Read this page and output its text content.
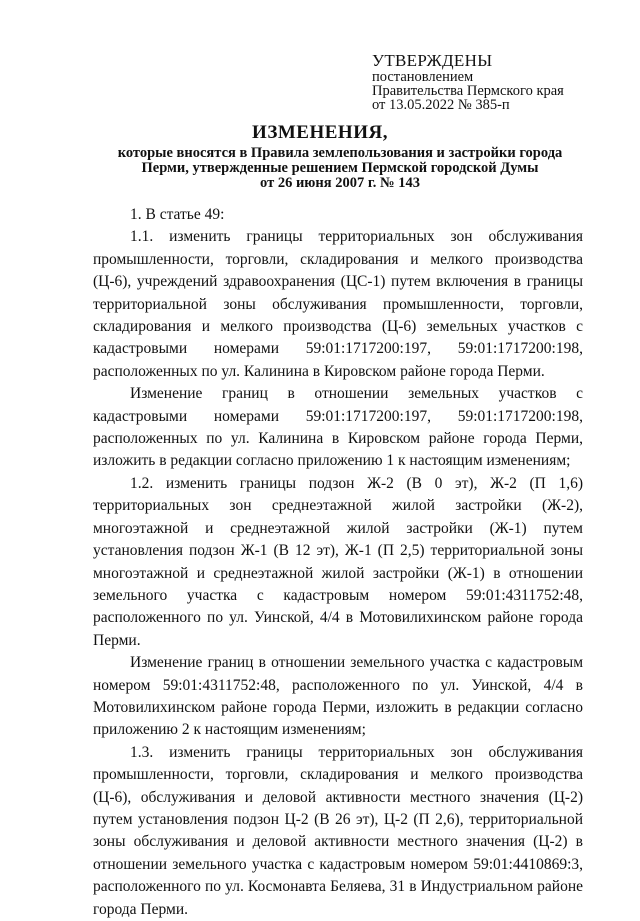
УТВЕРЖДЕНЫ
постановлением
Правительства Пермского края
от 13.05.2022 № 385-п
ИЗМЕНЕНИЯ,
которые вносятся в Правила землепользования и застройки города
Перми, утвержденные решением Пермской городской Думы
от 26 июня 2007 г. № 143

1. В статье 49:

1.1. изменить границы территориальных зон обслуживания промышленности, торговли, складирования и мелкого производства (Ц-6), учреждений здравоохранения (ЦС-1) путем включения в границы территориальной зоны обслуживания промышленности, торговли, складирования и мелкого производства (Ц-6) земельных участков с кадастровыми номерами 59:01:1717200:197, 59:01:1717200:198, расположенных по ул. Калинина в Кировском районе города Перми.

Изменение границ в отношении земельных участков с кадастровыми номерами 59:01:1717200:197, 59:01:1717200:198, расположенных по ул. Калинина в Кировском районе города Перми, изложить в редакции согласно приложению 1 к настоящим изменениям;

1.2. изменить границы подзон Ж-2 (В 0 эт), Ж-2 (П 1,6) территориальных зон среднеэтажной жилой застройки (Ж-2), многоэтажной и среднеэтажной жилой застройки (Ж-1) путем установления подзон Ж-1 (В 12 эт), Ж-1 (П 2,5) территориальной зоны многоэтажной и среднеэтажной жилой застройки (Ж-1) в отношении земельного участка с кадастровым номером 59:01:4311752:48, расположенного по ул. Уинской, 4/4 в Мотовилихинском районе города Перми.

Изменение границ в отношении земельного участка с кадастровым номером 59:01:4311752:48, расположенного по ул. Уинской, 4/4 в Мотовилихинском районе города Перми, изложить в редакции согласно приложению 2 к настоящим изменениям;

1.3. изменить границы территориальных зон обслуживания промышленности, торговли, складирования и мелкого производства (Ц-6), обслуживания и деловой активности местного значения (Ц-2) путем установления подзон Ц-2 (В 26 эт), Ц-2 (П 2,6), территориальной зоны обслуживания и деловой активности местного значения (Ц-2) в отношении земельного участка с кадастровым номером 59:01:4410869:3, расположенного по ул. Космонавта Беляева, 31 в Индустриальном районе города Перми.
